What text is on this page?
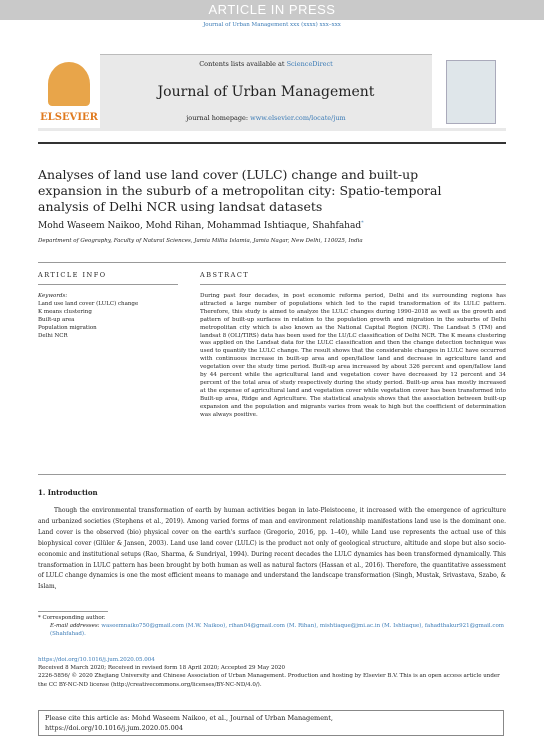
ARTICLE IN PRESS
Journal of Urban Management xxx (xxxx) xxx–xxx
ELSEVIER
Contents lists available at ScienceDirect
Journal of Urban Management
journal homepage: www.elsevier.com/locate/jum
Analyses of land use land cover (LULC) change and built-up expansion in the suburb of a metropolitan city: Spatio-temporal analysis of Delhi NCR using landsat datasets
Mohd Waseem Naikoo, Mohd Rihan, Mohammad Ishtiaque, Shahfahad*
Department of Geography, Faculty of Natural Sciences, Jamia Millia Islamia, Jamia Nagar, New Delhi, 110025, India
ARTICLE INFO	ABSTRACT
Keywords:
Land use land cover (LULC) change
K means clustering
Built-up area
Population migration
Delhi NCR
During past four decades, in post economic reforms period, Delhi and its surrounding regions has attracted a large number of populations which led to the rapid transformation of its LULC pattern. Therefore, this study is aimed to analyze the LULC changes during 1990–2018 as well as the growth and pattern of built-up surfaces in relation to the population growth and migration in the suburbs of Delhi metropolitan city which is also known as the National Capital Region (NCR). The Landsat 5 (TM) and landsat 8 (OLI/TIRS) data has been used for the LU/LC classification of Delhi NCR. The K means clustering was applied on the Landsat data for the LULC classification and then the change detection technique was used to quantify the LULC change. The result shows that the considerable changes in LULC have occurred with continuous increase in built-up area and open/fallow land and decrease in agriculture land and vegetation over the study time period. Built-up area increased by about 326 percent and open/fallow land by 44 percent while the agricultural land and vegetation cover have decreased by 12 percent and 34 percent of the total area of study respectively during the study period. Built-up area has mostly increased at the expense of agricultural land and vegetation cover while vegetation cover has been transformed into Built-up area, Ridge and Agriculture. The statistical analysis shows that the association between built-up expansion and the population and migrants varies from weak to high but the coefficient of determination was always positive.
1. Introduction
Though the environmental transformation of earth by human activities began in late-Pleistocene, it increased with the emergence of agriculture and urbanized societies (Stephens et al., 2019). Among varied forms of man and environment relationship manifestations land use is the dominant one. Land cover is the observed (bio) physical cover on the earth's surface (Gregorio, 2016, pp. 1–40), while Land use represents the actual use of this biophysical cover (Glüler & Jansen, 2003). Land use land cover (LULC) is the product not only of geological structure, altitude and slope but also socio-economic and institutional setups (Rao, Sharma, & Sundriyal, 1994). During recent decades the LULC dynamics has been transformed dynamically. This transformation in LULC pattern has been brought by both human as well as natural factors (Hassan et al., 2016). Therefore, the quantitative assessment of LULC change dynamics is one the most efficient means to manage and understand the landscape transformation (Singh, Mustak, Srivastava, Szabo, & Islam,
* Corresponding author.
E-mail addresses: waseemnaiko750@gmail.com (M.W. Naikoo), rihan04@gmail.com (M. Rihan), mishtiaque@jmi.ac.in (M. Ishtiaque), fahadthakur921@gmail.com (Shahfahad).
https://doi.org/10.1016/j.jum.2020.05.004
Received 8 March 2020; Received in revised form 18 April 2020; Accepted 29 May 2020
2226-5856/ © 2020 Zhejiang University and Chinese Association of Urban Management. Production and hosting by Elsevier B.V. This is an open access article under the CC BY-NC-ND license (http://creativecommons.org/licenses/BY-NC-ND/4.0/).
Please cite this article as: Mohd Waseem Naikoo, et al., Journal of Urban Management,
https://doi.org/10.1016/j.jum.2020.05.004
